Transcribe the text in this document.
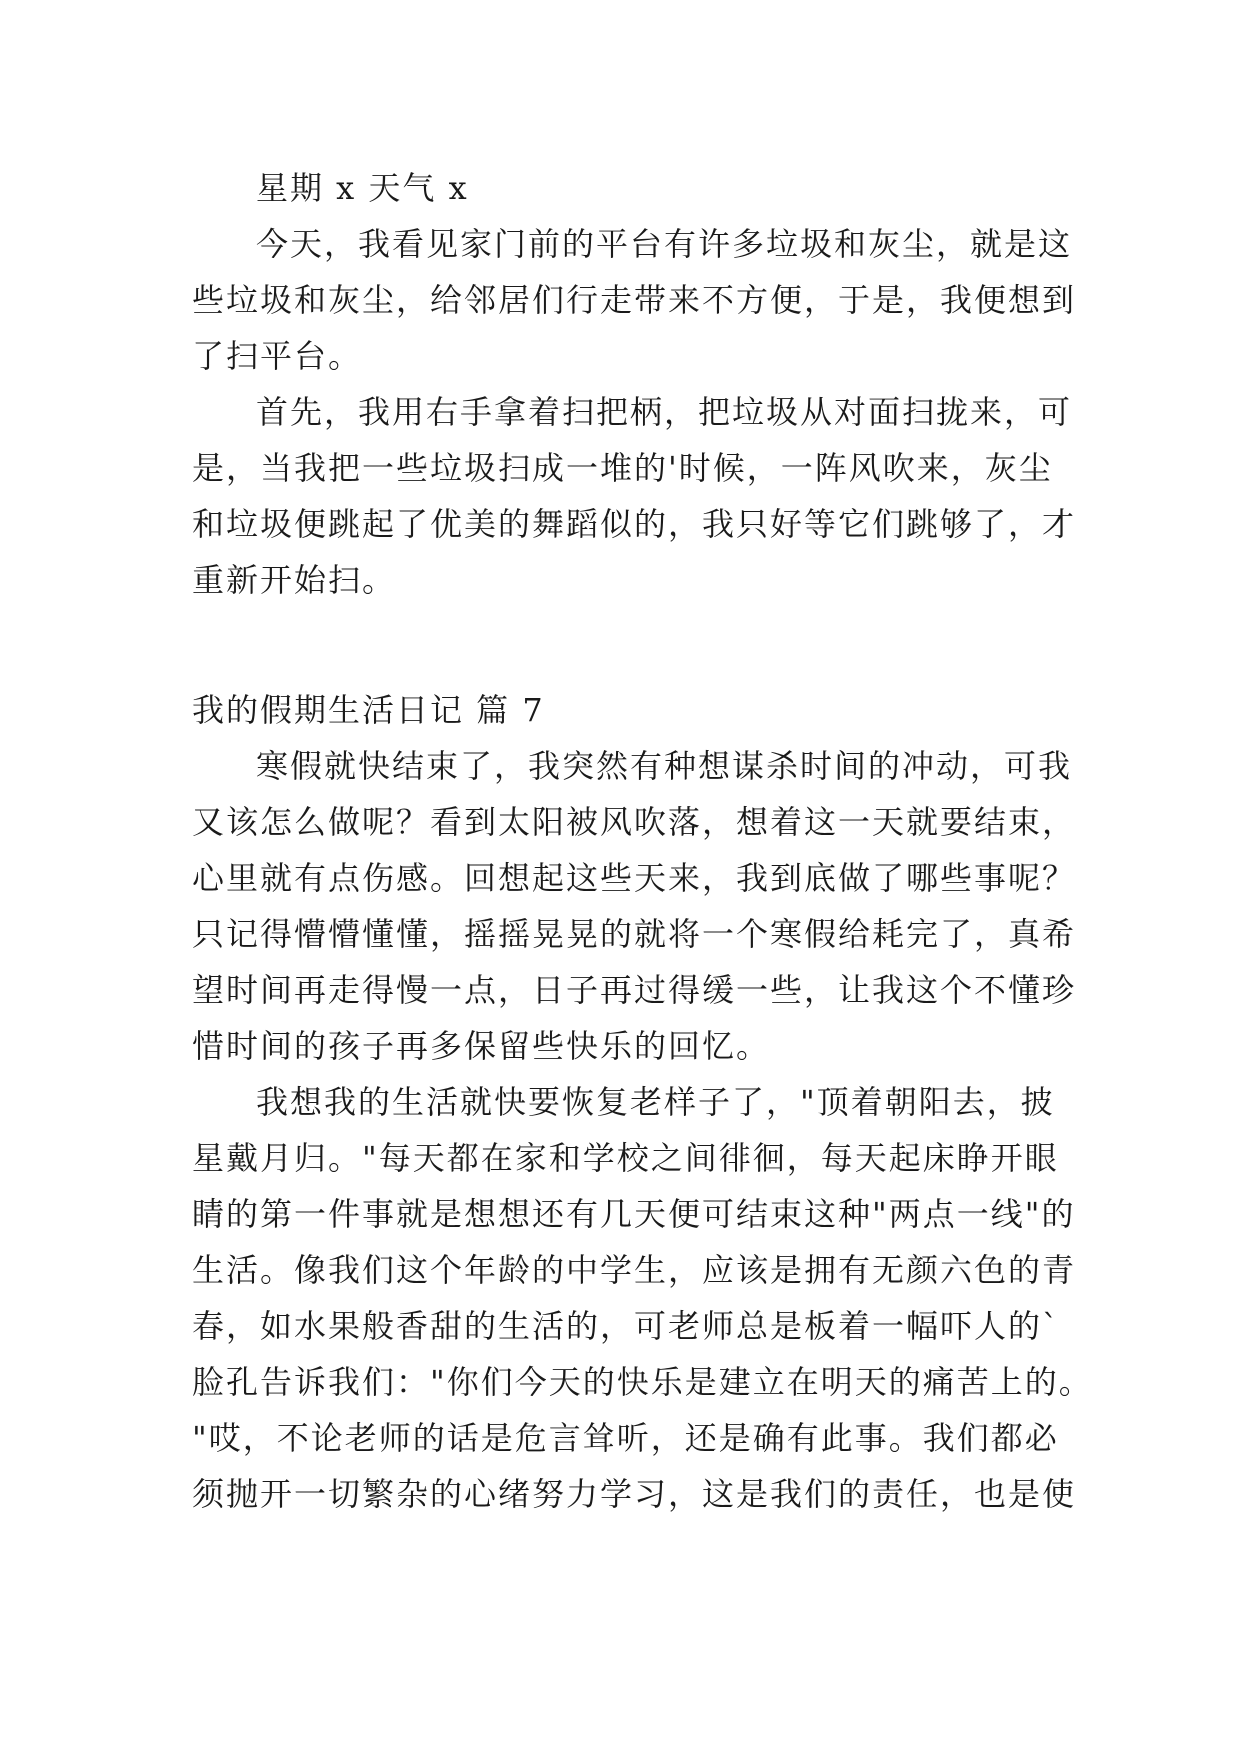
星期 x 天气 x
今天，我看见家门前的平台有许多垃圾和灰尘，就是这
些垃圾和灰尘，给邻居们行走带来不方便，于是，我便想到
了扫平台。
首先，我用右手拿着扫把柄，把垃圾从对面扫拢来，可
是，当我把一些垃圾扫成一堆的'时候，一阵风吹来，灰尘
和垃圾便跳起了优美的舞蹈似的，我只好等它们跳够了，才
重新开始扫。
我的假期生活日记 篇 7
寒假就快结束了，我突然有种想谋杀时间的冲动，可我
又该怎么做呢？看到太阳被风吹落，想着这一天就要结束，
心里就有点伤感。回想起这些天来，我到底做了哪些事呢？
只记得懵懵懂懂，摇摇晃晃的就将一个寒假给耗完了，真希
望时间再走得慢一点，日子再过得缓一些，让我这个不懂珍
惜时间的孩子再多保留些快乐的回忆。
我想我的生活就快要恢复老样子了，"顶着朝阳去，披
星戴月归。"每天都在家和学校之间徘徊，每天起床睁开眼
睛的第一件事就是想想还有几天便可结束这种"两点一线"的
生活。像我们这个年龄的中学生，应该是拥有无颜六色的青
春，如水果般香甜的生活的，可老师总是板着一幅吓人的`
脸孔告诉我们："你们今天的快乐是建立在明天的痛苦上的。
"哎，不论老师的话是危言耸听，还是确有此事。我们都必
须抛开一切繁杂的心绪努力学习，这是我们的责任，也是使
